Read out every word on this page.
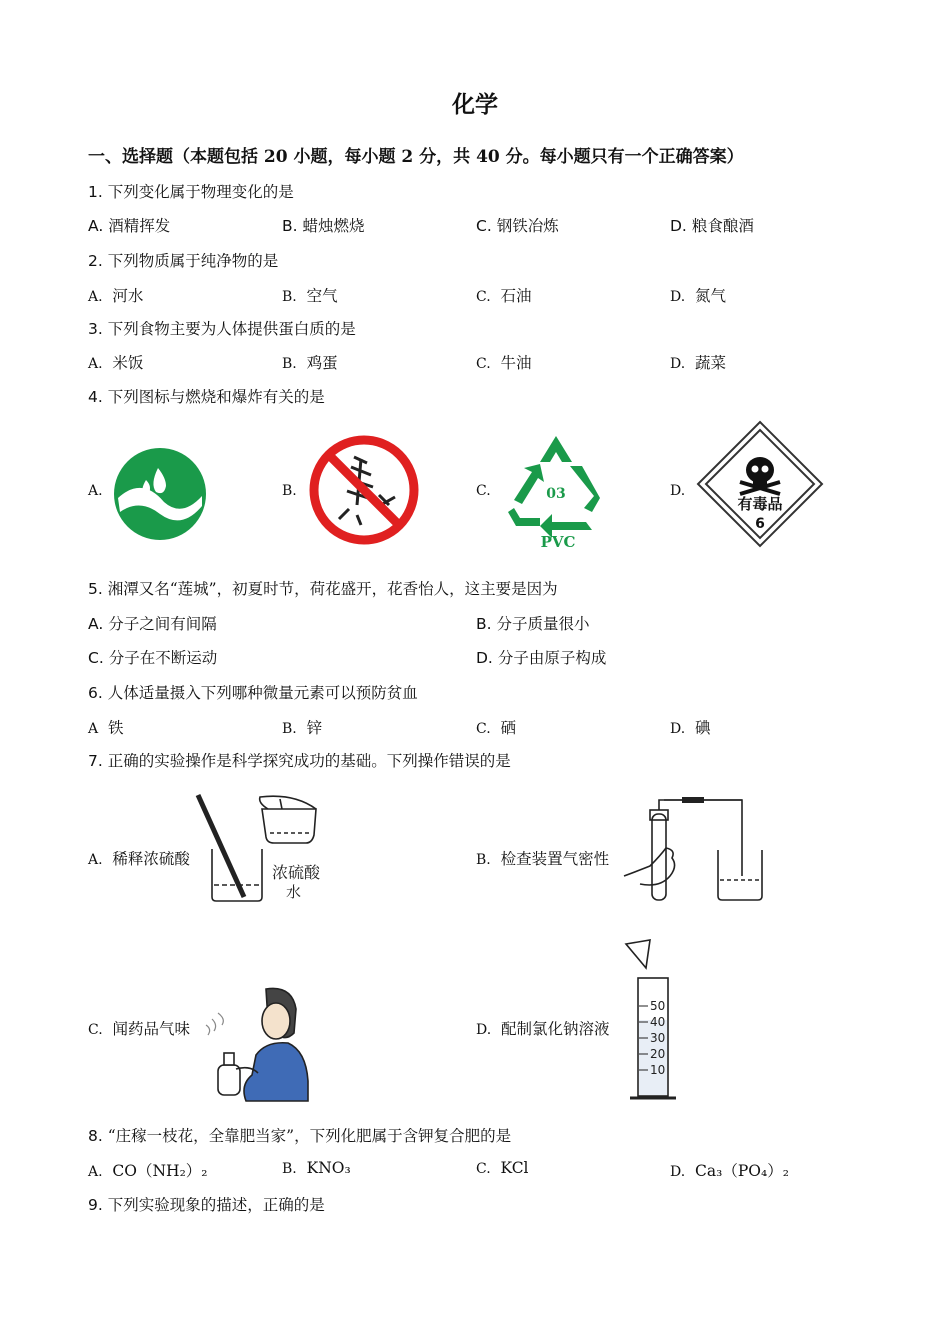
化学
一、选择题（本题包括 20 小题，每小题 2 分，共 40 分。每小题只有一个正确答案）
1. 下列变化属于物理变化的是
A. 酒精挥发	B. 蜡烛燃烧	C. 钢铁冶炼	D. 粮食酿酒
2. 下列物质属于纯净物的是
A. 河水	B. 空气	C. 石油	D. 氮气
3. 下列食物主要为人体提供蛋白质的是
A. 米饭	B. 鸡蛋	C. 牛油	D. 蔬菜
4. 下列图标与燃烧和爆炸有关的是
A.	B.	C.	D.
03
PVC
有毒品
6
5. 湘潭又名“莲城”，初夏时节，荷花盛开，花香怡人，这主要是因为
A. 分子之间有间隔	B. 分子质量很小
C. 分子在不断运动	D. 分子由原子构成
6. 人体适量摄入下列哪种微量元素可以预防贫血
A 铁	B. 锌	C. 硒	D. 碘
7. 正确的实验操作是科学探究成功的基础。下列操作错误的是
A. 稀释浓硫酸	B. 检查装置气密性
C. 闻药品气味	D. 配制氯化钠溶液
浓硫酸
水
50
40
30
20
10
8. “庄稼一枝花，全靠肥当家”，下列化肥属于含钾复合肥的是
A. CO（NH₂）₂	B. KNO₃	C. KCl	D. Ca₃（PO₄）₂
9. 下列实验现象的描述，正确的是
